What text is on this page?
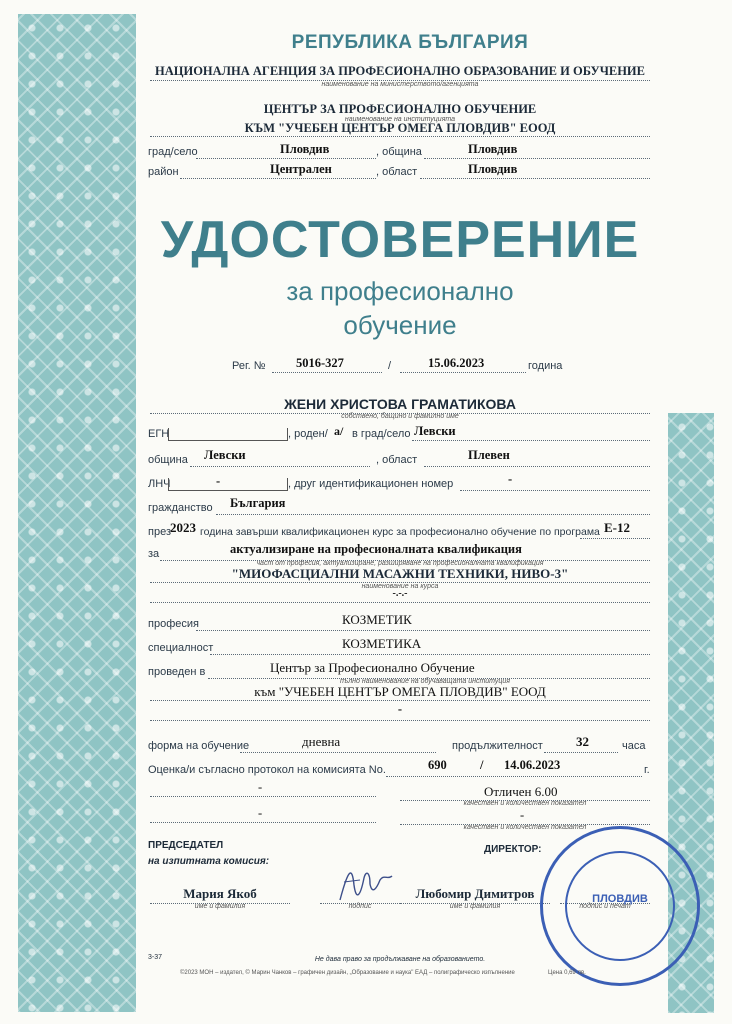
РЕПУБЛИКА БЪЛГАРИЯ
НАЦИОНАЛНА АГЕНЦИЯ ЗА ПРОФЕСИОНАЛНО ОБРАЗОВАНИЕ И ОБУЧЕНИЕ
наименование на министерството/агенцията
ЦЕНТЪР ЗА ПРОФЕСИОНАЛНО ОБУЧЕНИЕ
наименование на институцията
КЪМ "УЧЕБЕН ЦЕНТЪР ОМЕГА ПЛОВДИВ" ЕООД
град/село	Пловдив	, община	Пловдив
район	Централен	, област	Пловдив
УДОСТОВЕРЕНИЕ
за професионално
обучение
Рег. № 5016-327	/	15.06.2023	година
ЖЕНИ ХРИСТОВА ГРАМАТИКОВА
собствено, бащино и фамилно име
ЕГН	, роден/ а/ в град/село Левски
община Левски	, област	Плевен
ЛНЧ	-	, друг идентификационен номер	-
гражданство България
през 2023 година завърши квалификационен курс за професионално обучение по програма Е-12
за	актуализиране на професионалната квалификация
част от професия, актуализиране, разширяване на професионалната квалификация
"МИОФАСЦИАЛНИ МАСАЖНИ ТЕХНИКИ, НИВО-3"
наименование на курса
-.-.-
професия	КОЗМЕТИК
специалност	КОЗМЕТИКА
проведен в	Център за Професионално Обучение
пълно наименование на обучаващата институция
към "УЧЕБЕН ЦЕНТЪР ОМЕГА ПЛОВДИВ" ЕООД
-
форма на обучение	дневна	продължителност	32	часа
Оценка/и съгласно протокол на комисията No.	690	/ 14.06.2023	г.
-	Отличен 6.00
качествен и количествен показател
-	-
качествен и количествен показател
ПРЕДСЕДАТЕЛ
на изпитната комисия:
ДИРЕКТОР:
Мария Якоб
име и фамилия	подпис
Любомир Димитров
име и фамилия	подпис и печат
ПЛОВДИВ
3-37	Не дава право за продължаване на образованието.
©2023 МОН – издател, © Марин Чанков – графичен дизайн, „Образование и наука" ЕАД – полиграфическо изпълнение	Цена 0,69 лв.
